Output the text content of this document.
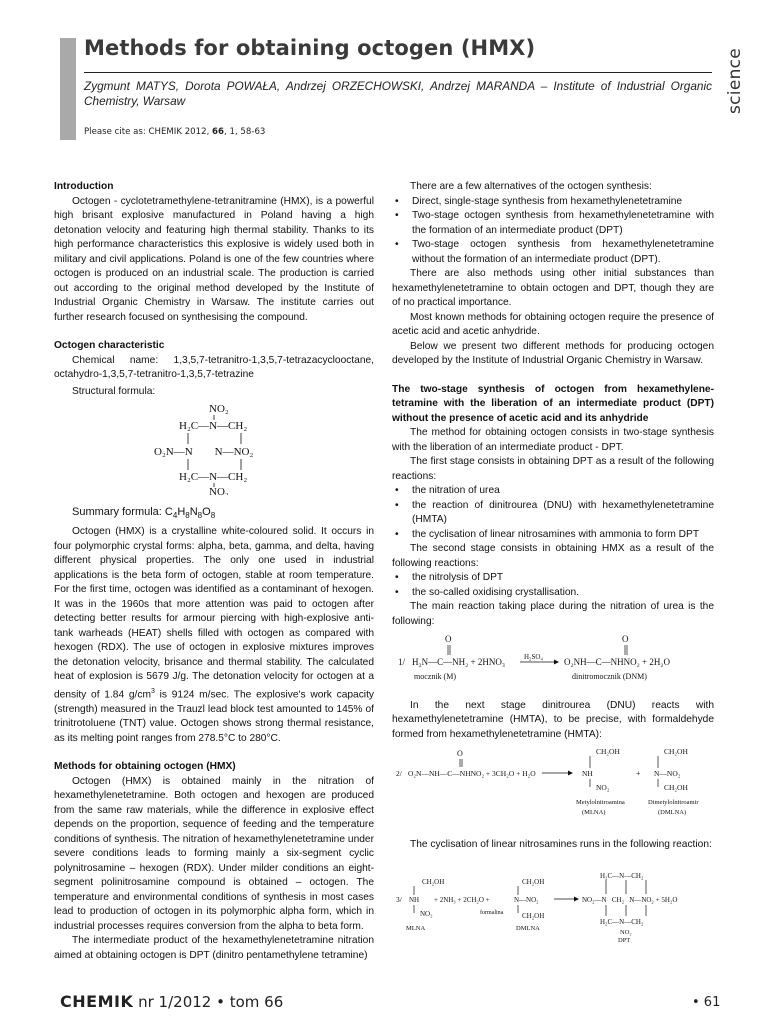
Methods for obtaining octogen (HMX)
Zygmunt MATYS, Dorota POWAŁA, Andrzej ORZECHOWSKI, Andrzej MARANDA – Institute of Industrial Organic Chemistry, Warsaw
Please cite as: CHEMIK 2012, 66, 1, 58-63
science
Introduction

Octogen - cyclotetramethylene-tetranitramine (HMX), is a powerful high brisant explosive manufactured in Poland having a high detonation velocity and featuring high thermal stability. Thanks to its high performance characteristics this explosive is widely used both in military and civil applications. Poland is one of the few countries where octogen is produced on an industrial scale. The production is carried out according to the original method developed by the Institute of Industrial Organic Chemistry in Warsaw. The institute carries out further research focused on synthesising the compound.

Octogen characteristic

Chemical name: 1,3,5,7-tetranitro-1,3,5,7-tetrazacyclooctane, octahydro-1,3,5,7-tetranitro-1,3,5,7-tetrazine

Structural formula:

NO₂
H₂C—N—CH₂
O₂N—N        N—NO₂
H₂C—N—CH₂
NO₂

Summary formula: $C_4H_8N_8O_8$

Octogen (HMX) is a crystalline white-coloured solid. It occurs in four polymorphic crystal forms: alpha, beta, gamma, and delta, having different physical properties. The only one used in industrial applications is the beta form of octogen, stable at room temperature. For the first time, octogen was identified as a contaminant of hexogen. It was in the 1960s that more attention was paid to octogen after detecting better results for armour piercing with high-explosive anti-tank warheads (HEAT) shells filled with octogen as compared with hexogen (RDX). The use of octogen in explosive mixtures improves the detonation velocity, brisance and thermal stability. The calculated heat of explosion is 5679 J/g. The detonation velocity for octogen at a density of 1.84 $g/cm^3$ is 9124 m/sec. The explosive's work capacity (strength) measured in the Trauzl lead block test amounted to 145% of trinitrotoluene (TNT) value. Octogen shows strong thermal resistance, as its melting point ranges from 278.5°C to 280°C.

Methods for obtaining octogen (HMX)

Octogen (HMX) is obtained mainly in the nitration of hexamethylenetetramine. Both octogen and hexogen are produced from the same raw materials, while the difference in explosive effect depends on the proportion, sequence of feeding and the temperature conditions of synthesis. The nitration of hexamethylenetetramine under severe conditions leads to forming mainly a six-segment cyclic polynitrosamine – hexogen (RDX). Under milder conditions an eight-segment polinitrosamine compound is obtained – octogen. The temperature and environmental conditions of synthesis in most cases lead to production of octogen in its polymorphic alpha form, which in industrial processes requires conversion from the alpha to beta form.

The intermediate product of the hexamethylenetetramine nitration aimed at obtaining octogen is DPT (dinitro pentamethylene tetramine)

There are a few alternatives of the octogen synthesis:

• Direct, single-stage synthesis from hexamethylenetetramine
• Two-stage octogen synthesis from hexamethylenetetramine with the formation of an intermediate product (DPT)
• Two-stage octogen synthesis from hexamethylenetetramine without the formation of an intermediate product (DPT).

There are also methods using other initial substances than hexamethylenetetramine to obtain octogen and DPT, though they are of no practical importance.

Most known methods for obtaining octogen require the presence of acetic acid and acetic anhydride.

Below we present two different methods for producing octogen developed by the Institute of Industrial Organic Chemistry in Warsaw.

The two-stage synthesis of octogen from hexamethylene-tetramine with the liberation of an intermediate product (DPT) without the presence of acetic acid and its anhydride

The method for obtaining octogen consists in two-stage synthesis with the liberation of an intermediate product - DPT.

The first stage consists in obtaining DPT as a result of the following reactions:

• the nitration of urea
• the reaction of dinitrourea (DNU) with hexamethylenetetramine (HMTA)
• the cyclisation of linear nitrosamines with ammonia to form DPT

The second stage consists in obtaining HMX as a result of the following reactions:

• the nitrolysis of DPT
• the so-called oxidising crystallisation.

The main reaction taking place during the nitration of urea is the following:

O	O
1/ H₂N—C—NH₂ + 2HNO₃	H₂SO₄ O₂NH—C—NHNO₂ + 2H₂O
mocznik (M)	dinitromocznik (DNM)

In the next stage dinitrourea (DNU) reacts with hexamethylenetetramine (HMTA), to be precise, with formaldehyde formed from hexamethylenetetramine (HMTA):

O
2/ O₂N—NH—C—NHNO₂ + 3CH₂O + H₂O
CH₂OH
NH
NO₂
Metylolnitroamina
(MLNA)
+
CH₂OH
N—NO₂
CH₂OH
Dimetylolnitroamir
(DMLNA)

The cyclisation of linear nitrosamines runs in the following reaction:

3/
CH₂OH
NH
NO₂
+ 2NH₃ + 2CH₂O +
formalina
CH₂OH
N—NO₂
CH₂OH
MLNA	DMLNA
H₂C—N—CH₂
NO₂—N   CH₂   N—NO₂ + 5H₂O
H₂C—N—CH₂
NO₂
DPT
CHEMIK nr 1/2012 • tom 66	• 61
